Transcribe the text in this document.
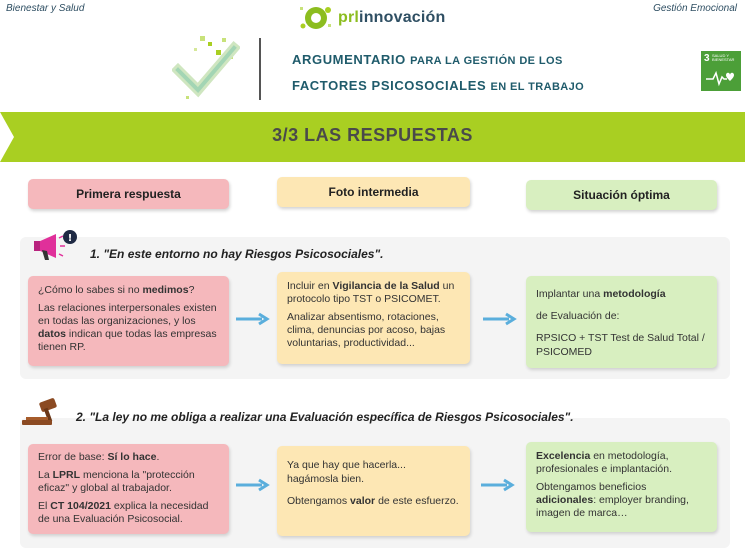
Bienestar y Salud	Gestión Emocional
prlinnovación
ARGUMENTARIO PARA LA GESTIÓN DE LOS
FACTORES PSICOSOCIALES EN EL TRABAJO
3 SALUD Y BIENESTAR
3/3 LAS RESPUESTAS
Primera respuesta	Foto intermedia	Situación óptima
!
1. "En este entorno no hay Riesgos Psicosociales".

¿Cómo lo sabes si no medimos?

Las relaciones interpersonales existen en todas las organizaciones, y los datos indican que todas las empresas tienen RP.

Incluir en Vigilancia de la Salud un protocolo tipo TST o PSICOMET.

Analizar absentismo, rotaciones, clima, denuncias por acoso, bajas voluntarias, productividad...

Implantar una metodología

de Evaluación de:

RPSICO + TST Test de Salud Total / PSICOMED

2. "La ley no me obliga a realizar una Evaluación específica de Riesgos Psicosociales".

Error de base: Sí lo hace.

La LPRL menciona la "protección eficaz" y global al trabajador.

El CT 104/2021 explica la necesidad de una Evaluación Psicosocial.

Ya que hay que hacerla... hagámosla bien.

Obtengamos valor de este esfuerzo.

Excelencia en metodología, profesionales e implantación.

Obtengamos beneficios adicionales: employer branding, imagen de marca…
